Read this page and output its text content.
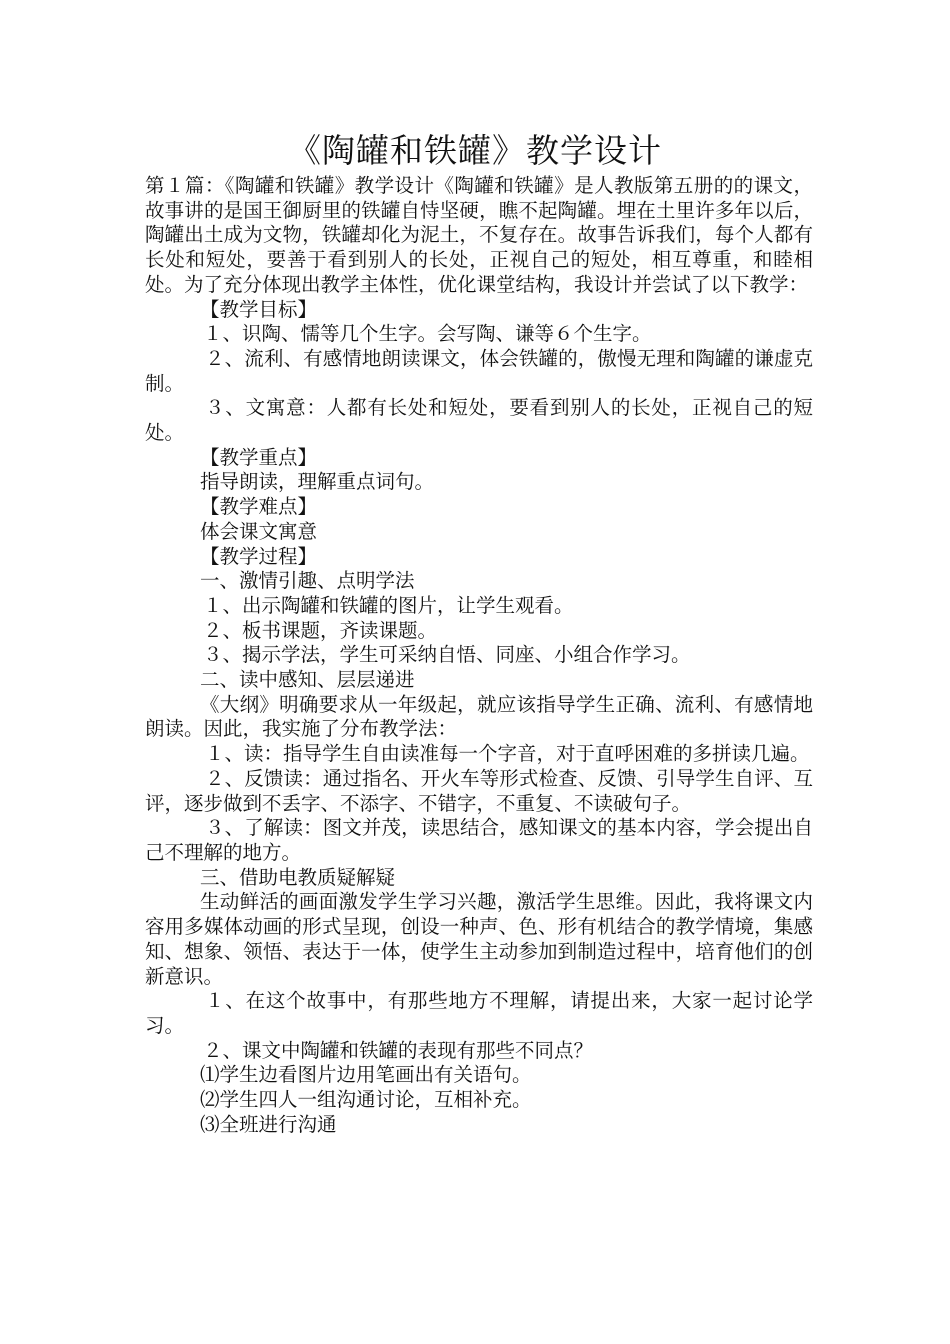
《陶罐和铁罐》教学设计

第１篇：《陶罐和铁罐》教学设计《陶罐和铁罐》是人教版第五册的的课文，故事讲的是国王御厨里的铁罐自恃坚硬，瞧不起陶罐。埋在土里许多年以后，陶罐出土成为文物，铁罐却化为泥土，不复存在。故事告诉我们，每个人都有长处和短处，要善于看到别人的长处，正视自己的短处，相互尊重，和睦相处。为了充分体现出教学主体性，优化课堂结构，我设计并尝试了以下教学：

【教学目标】

１、识陶、懦等几个生字。会写陶、谦等６个生字。

２、流利、有感情地朗读课文，体会铁罐的，傲慢无理和陶罐的谦虚克制。

３、文寓意：人都有长处和短处，要看到别人的长处，正视自己的短处。

【教学重点】

指导朗读，理解重点词句。

【教学难点】

体会课文寓意

【教学过程】

一、激情引趣、点明学法

１、出示陶罐和铁罐的图片，让学生观看。

２、板书课题，齐读课题。

３、揭示学法，学生可采纳自悟、同座、小组合作学习。

二、读中感知、层层递进

《大纲》明确要求从一年级起，就应该指导学生正确、流利、有感情地朗读。因此，我实施了分布教学法：

１、读：指导学生自由读准每一个字音，对于直呼困难的多拼读几遍。

２、反馈读：通过指名、开火车等形式检查、反馈、引导学生自评、互评，逐步做到不丢字、不添字、不错字，不重复、不读破句子。

３、了解读：图文并茂，读思结合，感知课文的基本内容，学会提出自己不理解的地方。

三、借助电教质疑解疑

生动鲜活的画面激发学生学习兴趣，激活学生思维。因此，我将课文内容用多媒体动画的形式呈现，创设一种声、色、形有机结合的教学情境，集感知、想象、领悟、表达于一体，使学生主动参加到制造过程中，培育他们的创新意识。

１、在这个故事中，有那些地方不理解，请提出来，大家一起讨论学习。

２、课文中陶罐和铁罐的表现有那些不同点？

⑴学生边看图片边用笔画出有关语句。

⑵学生四人一组沟通讨论，互相补充。

⑶全班进行沟通
